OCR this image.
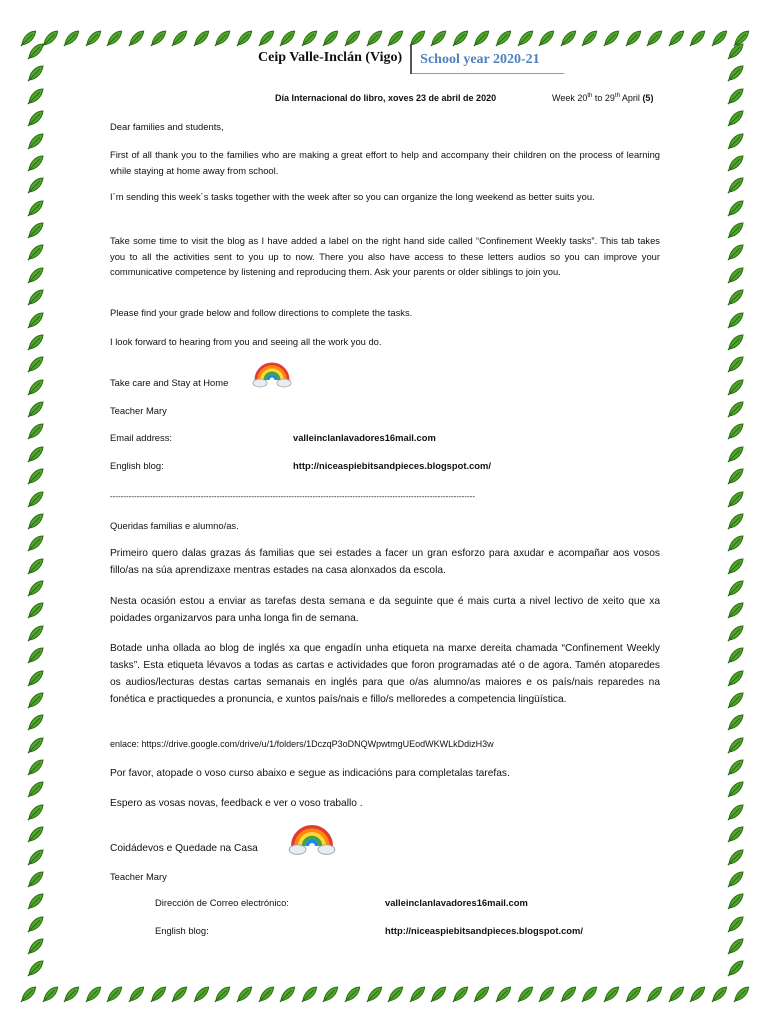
Ceip Valle-Inclán (Vigo)	School year 2020-21
Día Internacional do libro, xoves 23 de abril de 2020	Week 20th to 29th April (5)
Dear families and students,
First of all thank you to the families who are making a great effort to help and accompany their children on the process of learning while staying at home away from school.
I´m sending this week´s tasks together with the week after so you can organize the long weekend as better suits you.
Take some time to visit the blog as I have added a label on the right hand side called “Confinement Weekly tasks”. This tab takes you to all the activities sent to you up to now. There you also have access to these letters audios so you can improve your communicative competence by listening and reproducing them. Ask your parents or older siblings to join you.
Please find your grade below and follow directions to complete the tasks.
I look forward to hearing from you and seeing all the work you do.
Take care and Stay at Home
Teacher Mary
Email address:	valleinclanlavadores16mail.com
English blog:	http://niceaspiebitsandpieces.blogspot.com/
-----------------------------------------------------------------------------------------------------------------------------------------
Queridas familias e alumno/as.
Primeiro quero dalas grazas ás familias que sei estades a facer un gran esforzo para axudar e acompañar aos vosos fillo/as na súa aprendizaxe mentras estades na casa alonxados da escola.
Nesta ocasión estou a enviar as tarefas desta semana e da seguinte que é mais curta a nivel lectivo de xeito que xa poidades organizarvos para unha longa fin de semana.
Botade unha ollada ao blog de inglés xa que engadín unha etiqueta na marxe dereita chamada “Confinement Weekly tasks”. Esta etiqueta lévavos a todas as cartas e actividades que foron programadas até o de agora. Tamén atoparedes os audios/lecturas destas cartas semanais en inglés para que o/as alumno/as maiores e os país/nais reparedes na fonética e practiquedes a pronuncia, e xuntos país/nais e fillo/s melloredes a competencia lingüística.
enlace: https://drive.google.com/drive/u/1/folders/1DczqP3oDNQWpwtmgUEodWKWLkDdizH3w
Por favor, atopade o voso curso abaixo e segue as indicacións para completalas tarefas.
Espero as vosas novas, feedback e ver o voso traballo .
Coidádevos e Quedade na Casa
Teacher Mary
Dirección de Correo electrónico:	valleinclanlavadores16mail.com
English blog:	http://niceaspiebitsandpieces.blogspot.com/
